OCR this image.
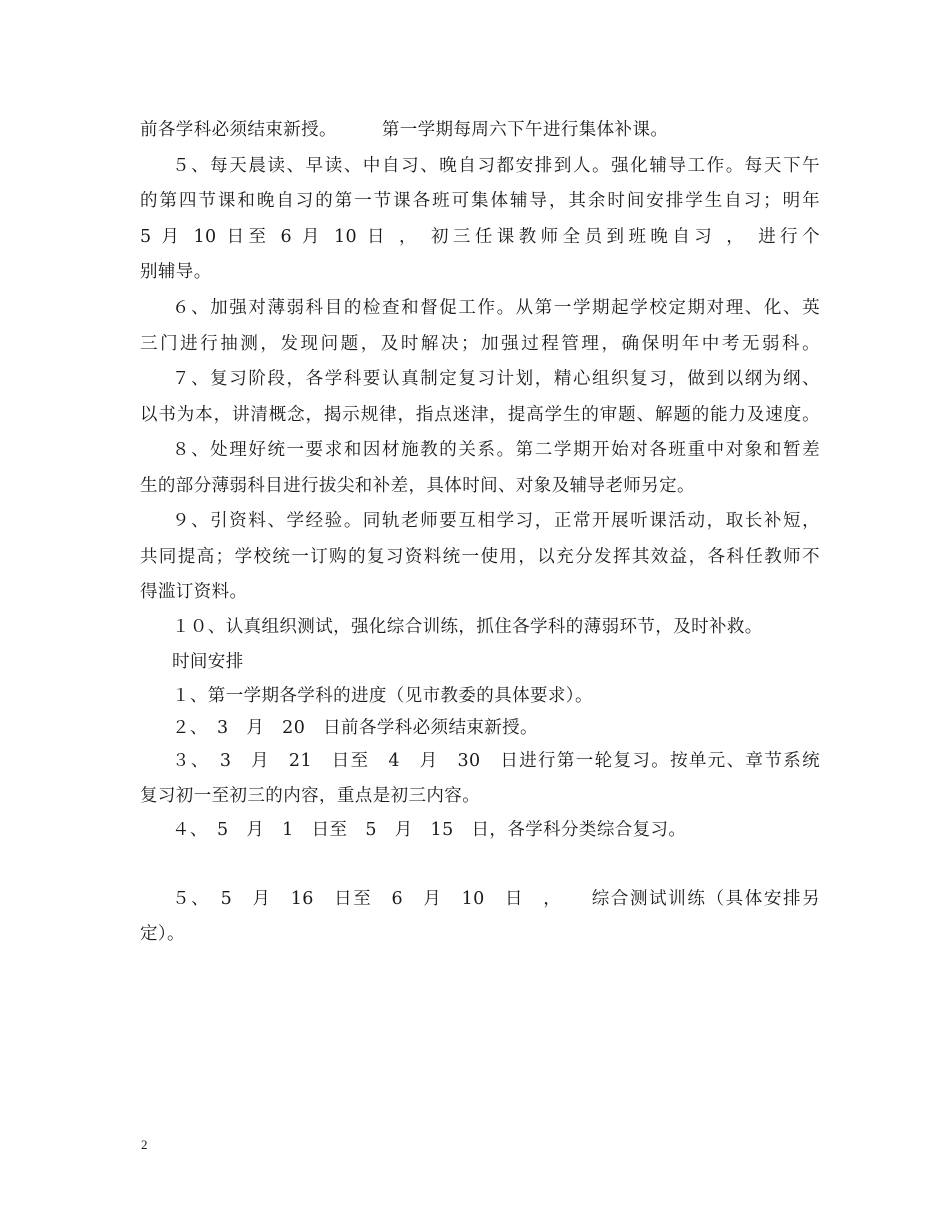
前各学科必须结束新授。　　　第一学期每周六下午进行集体补课。
５、每天晨读、早读、中自习、晚自习都安排到人。强化辅导工作。每天下午
的第四节课和晚自习的第一节课各班可集体辅导，其余时间安排学生自习；明年
5 月 10 日至 6 月 10 日 ， 初三任课教师全员到班晚自习 ， 进行个
别辅导。
６、加强对薄弱科目的检查和督促工作。从第一学期起学校定期对理、化、英
三门进行抽测，发现问题，及时解决；加强过程管理，确保明年中考无弱科。
７、复习阶段，各学科要认真制定复习计划，精心组织复习，做到以纲为纲、
以书为本，讲清概念，揭示规律，指点迷津，提高学生的审题、解题的能力及速度。
８、处理好统一要求和因材施教的关系。第二学期开始对各班重中对象和暂差
生的部分薄弱科目进行拔尖和补差，具体时间、对象及辅导老师另定。
９、引资料、学经验。同轨老师要互相学习，正常开展听课活动，取长补短，
共同提高；学校统一订购的复习资料统一使用，以充分发挥其效益，各科任教师不
得滥订资料。
１０、认真组织测试，强化综合训练，抓住各学科的薄弱环节，及时补救。
时间安排
１、第一学期各学科的进度（见市教委的具体要求）。
２、　3　月　20　日前各学科必须结束新授。
３、　3　月　21　日至　4　月　30　日进行第一轮复习。按单元、章节系统
复习初一至初三的内容，重点是初三内容。
４、　5　月　1　日至　5　月　15　日，各学科分类综合复习。
５、　5　月　16　日至　6　月　10　日　，　　综合测试训练（具体安排另
定）。
2
